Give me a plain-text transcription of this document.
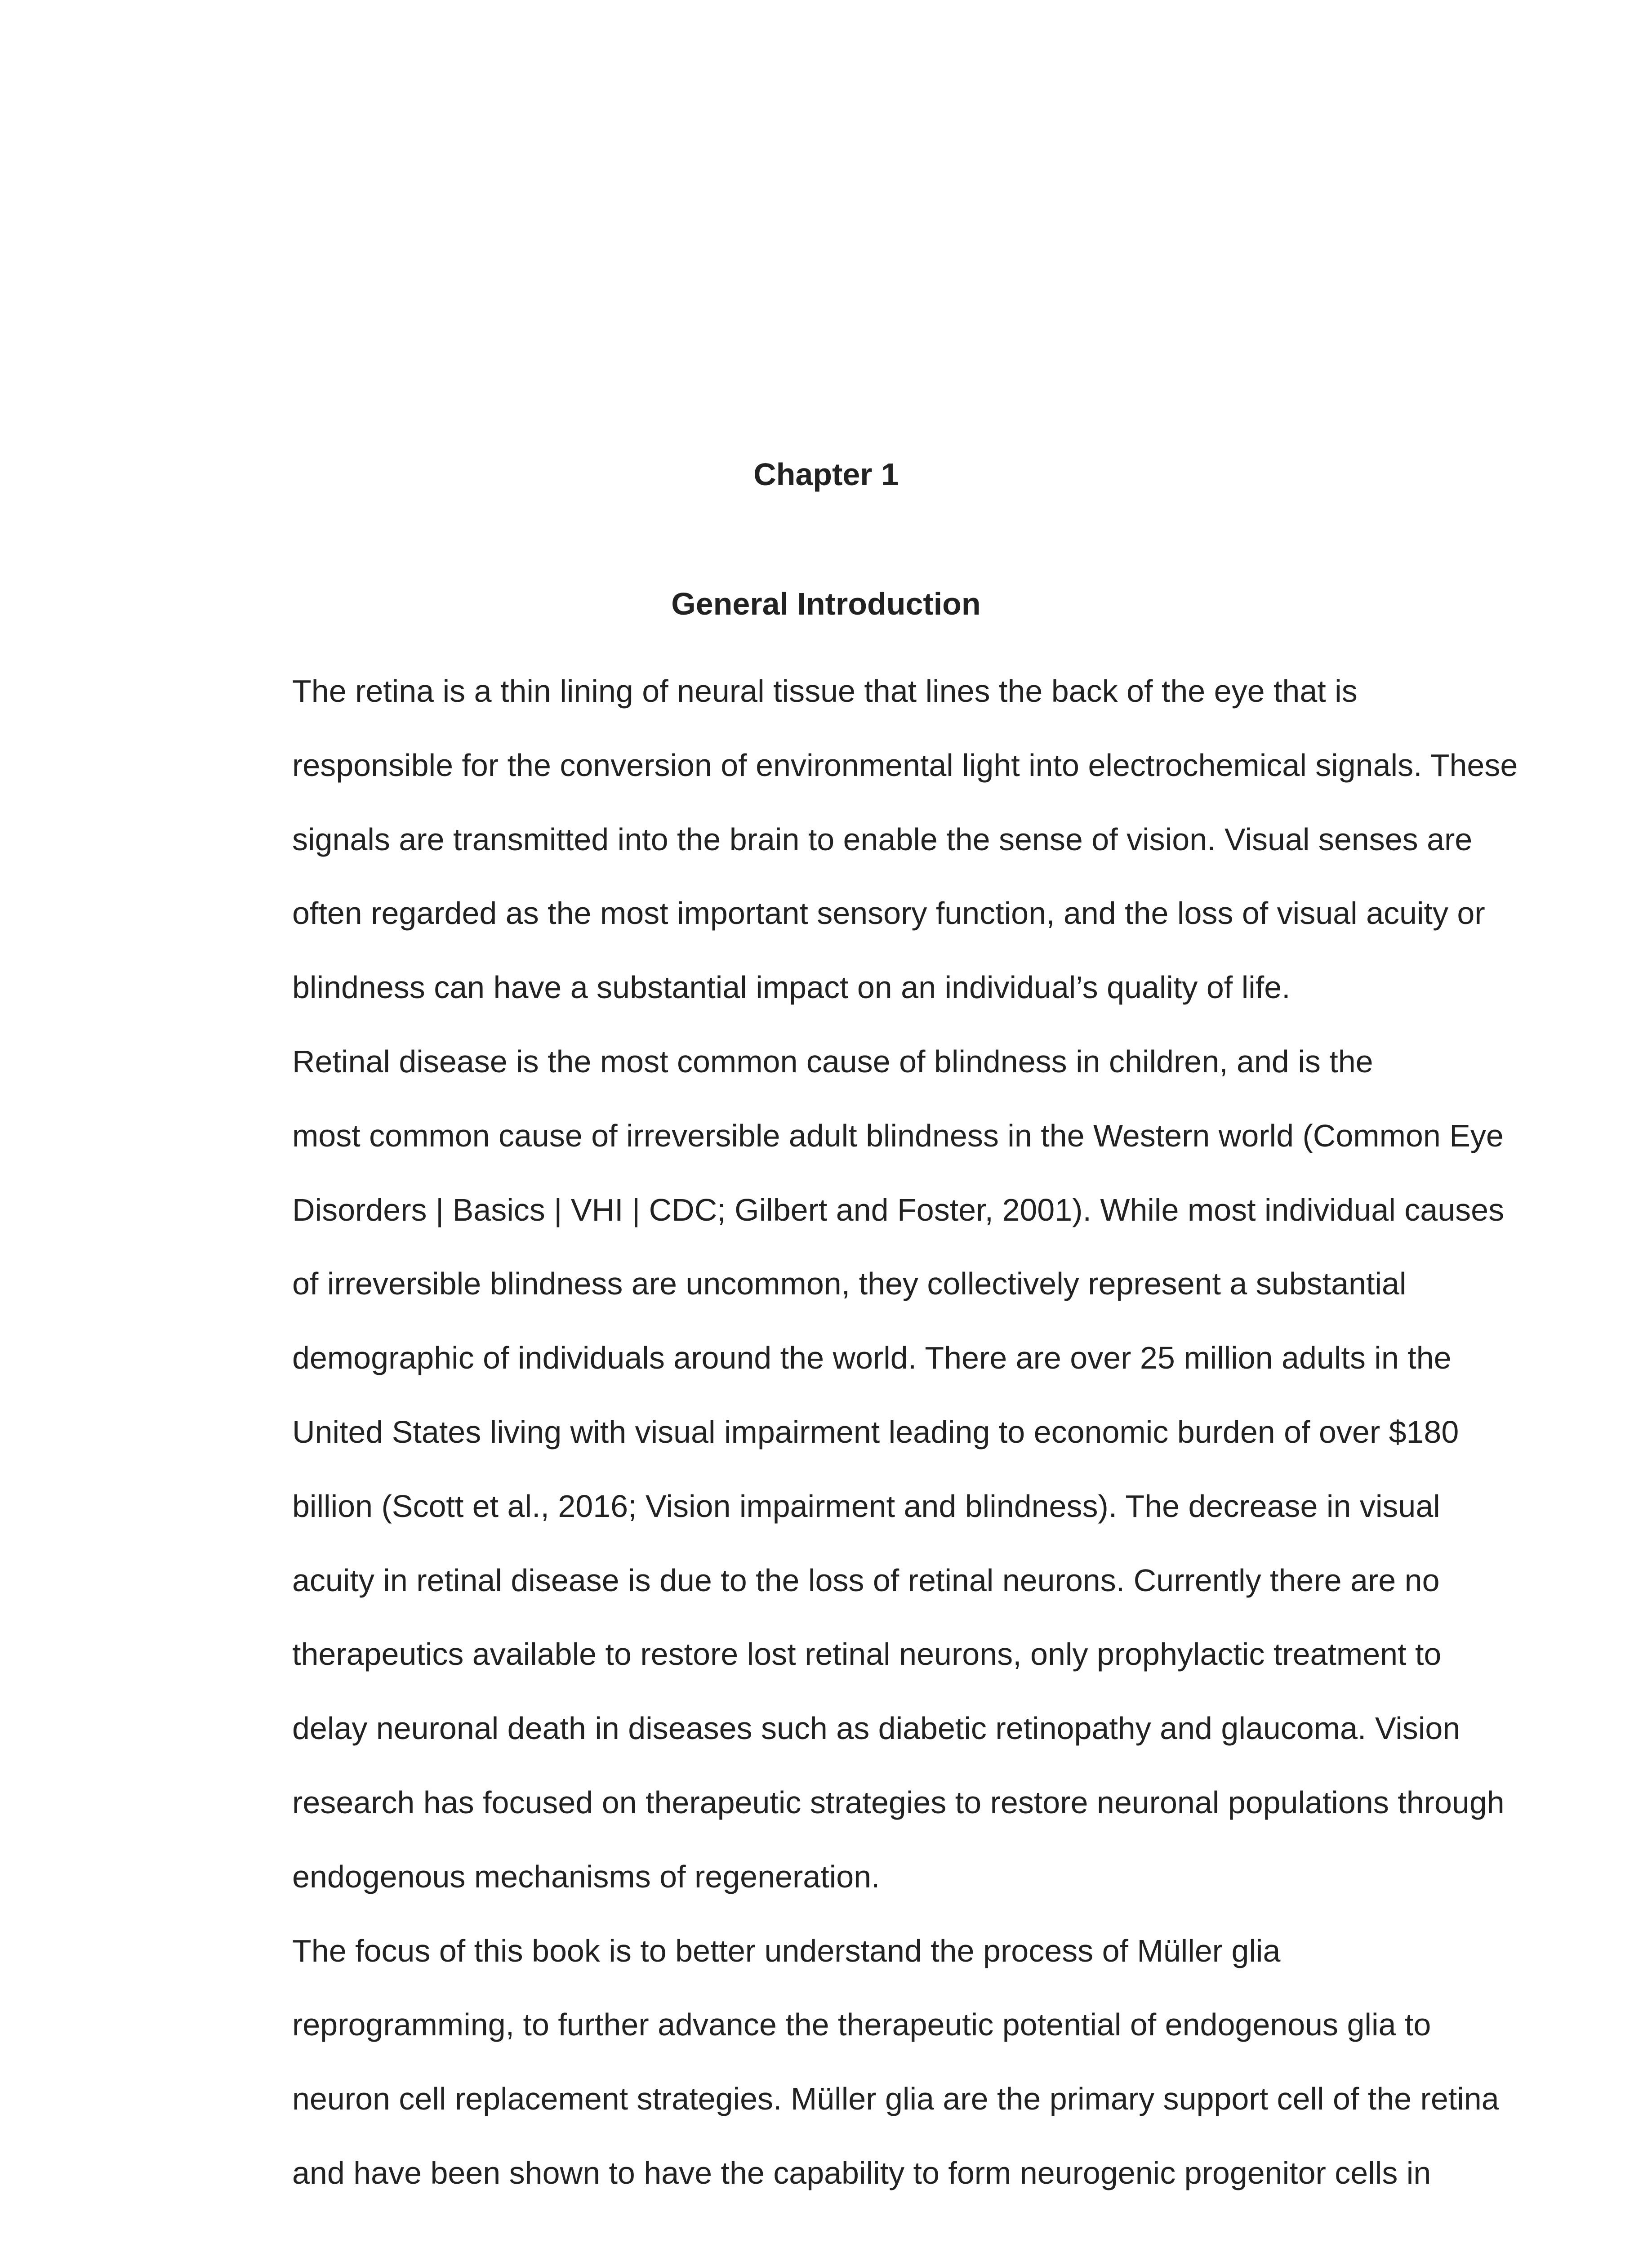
Chapter 1
General Introduction

The retina is a thin lining of neural tissue that lines the back of the eye that is
responsible for the conversion of environmental light into electrochemical signals. These
signals are transmitted into the brain to enable the sense of vision. Visual senses are
often regarded as the most important sensory function, and the loss of visual acuity or
blindness can have a substantial impact on an individual’s quality of life.

Retinal disease is the most common cause of blindness in children, and is the
most common cause of irreversible adult blindness in the Western world (Common Eye
Disorders | Basics | VHI | CDC; Gilbert and Foster, 2001). While most individual causes
of irreversible blindness are uncommon, they collectively represent a substantial
demographic of individuals around the world. There are over 25 million adults in the
United States living with visual impairment leading to economic burden of over $180
billion (Scott et al., 2016; Vision impairment and blindness). The decrease in visual
acuity in retinal disease is due to the loss of retinal neurons. Currently there are no
therapeutics available to restore lost retinal neurons, only prophylactic treatment to
delay neuronal death in diseases such as diabetic retinopathy and glaucoma. Vision
research has focused on therapeutic strategies to restore neuronal populations through
endogenous mechanisms of regeneration.

The focus of this book is to better understand the process of Müller glia
reprogramming, to further advance the therapeutic potential of endogenous glia to
neuron cell replacement strategies. Müller glia are the primary support cell of the retina
and have been shown to have the capability to form neurogenic progenitor cells in
